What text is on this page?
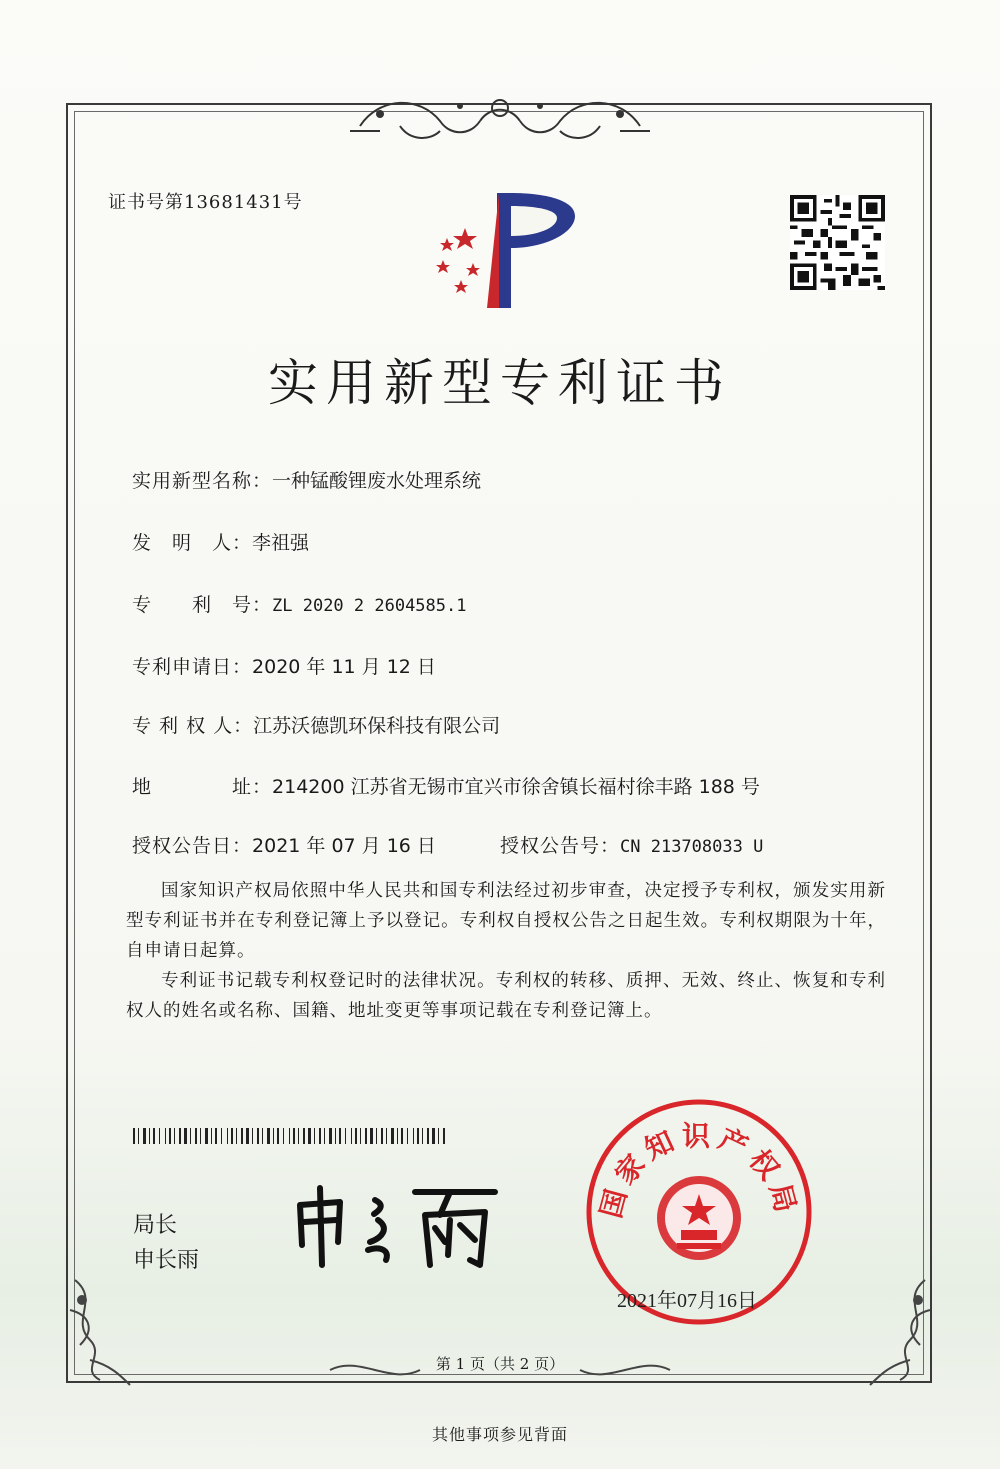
证书号第13681431号
实用新型专利证书
实用新型名称：一种锰酸锂废水处理系统
发　明　人：李祖强
专　　利　号：ZL 2020 2 2604585.1
专利申请日：2020 年 11 月 12 日
专 利 权 人：江苏沃德凯环保科技有限公司
地　　　　址：214200 江苏省无锡市宜兴市徐舍镇长福村徐丰路 188 号
授权公告日：2021 年 07 月 16 日	授权公告号：CN 213708033 U

国家知识产权局依照中华人民共和国专利法经过初步审查，决定授予专利权，颁发实用新型专利证书并在专利登记簿上予以登记。专利权自授权公告之日起生效。专利权期限为十年，自申请日起算。

专利证书记载专利权登记时的法律状况。专利权的转移、质押、无效、终止、恢复和专利权人的姓名或名称、国籍、地址变更等事项记载在专利登记簿上。

局长
申长雨
国家知识产权局
2021年07月16日
第 1 页（共 2 页）
其他事项参见背面
